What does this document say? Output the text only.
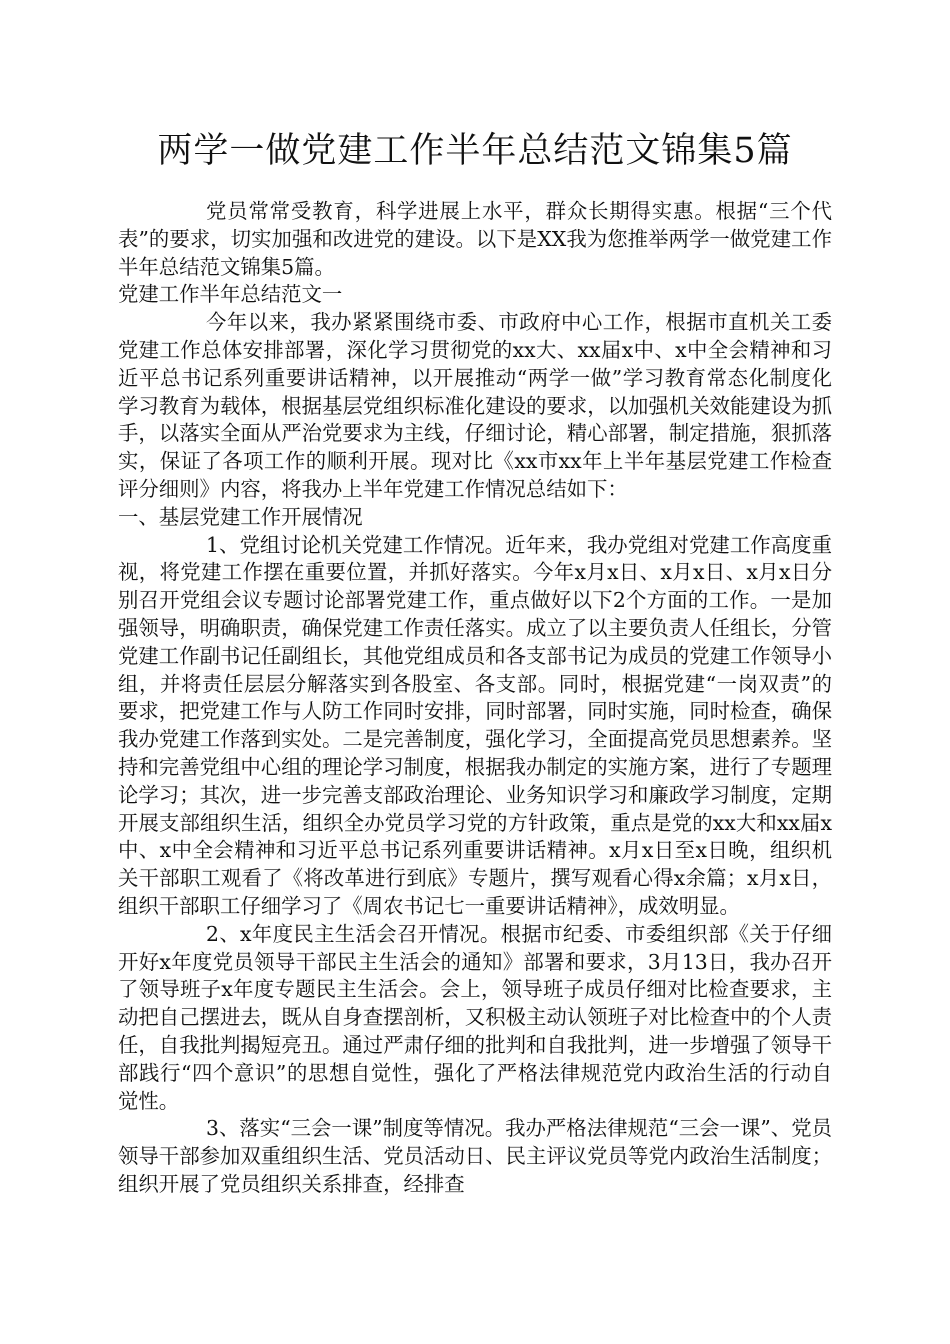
两学一做党建工作半年总结范文锦集5篇

党员常常受教育，科学进展上水平，群众长期得实惠。根据“三个代表”的要求，切实加强和改进党的建设。以下是XX我为您推举两学一做党建工作半年总结范文锦集5篇。

党建工作半年总结范文一

今年以来，我办紧紧围绕市委、市政府中心工作，根据市直机关工委党建工作总体安排部署，深化学习贯彻党的xx大、xx届x中、x中全会精神和习近平总书记系列重要讲话精神，以开展推动“两学一做”学习教育常态化制度化学习教育为载体，根据基层党组织标准化建设的要求，以加强机关效能建设为抓手，以落实全面从严治党要求为主线，仔细讨论，精心部署，制定措施，狠抓落实，保证了各项工作的顺利开展。现对比《xx市xx年上半年基层党建工作检查评分细则》内容，将我办上半年党建工作情况总结如下：

一、基层党建工作开展情况

1、党组讨论机关党建工作情况。近年来，我办党组对党建工作高度重视，将党建工作摆在重要位置，并抓好落实。今年x月x日、x月x日、x月x日分别召开党组会议专题讨论部署党建工作，重点做好以下2个方面的工作。一是加强领导，明确职责，确保党建工作责任落实。成立了以主要负责人任组长，分管党建工作副书记任副组长，其他党组成员和各支部书记为成员的党建工作领导小组，并将责任层层分解落实到各股室、各支部。同时，根据党建“一岗双责”的要求，把党建工作与人防工作同时安排，同时部署，同时实施，同时检查，确保我办党建工作落到实处。二是完善制度，强化学习，全面提高党员思想素养。坚持和完善党组中心组的理论学习制度，根据我办制定的实施方案，进行了专题理论学习；其次，进一步完善支部政治理论、业务知识学习和廉政学习制度，定期开展支部组织生活，组织全办党员学习党的方针政策，重点是党的xx大和xx届x中、x中全会精神和习近平总书记系列重要讲话精神。x月x日至x日晚，组织机关干部职工观看了《将改革进行到底》专题片，撰写观看心得x余篇；x月x日，组织干部职工仔细学习了《周农书记七一重要讲话精神》，成效明显。

2、x年度民主生活会召开情况。根据市纪委、市委组织部《关于仔细开好x年度党员领导干部民主生活会的通知》部署和要求，3月13日，我办召开了领导班子x年度专题民主生活会。会上，领导班子成员仔细对比检查要求，主动把自己摆进去，既从自身查摆剖析，又积极主动认领班子对比检查中的个人责任，自我批判揭短亮丑。通过严肃仔细的批判和自我批判，进一步增强了领导干部践行“四个意识”的思想自觉性，强化了严格法律规范党内政治生活的行动自觉性。

3、落实“三会一课”制度等情况。我办严格法律规范“三会一课”、党员领导干部参加双重组织生活、党员活动日、民主评议党员等党内政治生活制度；组织开展了党员组织关系排查，经排查
